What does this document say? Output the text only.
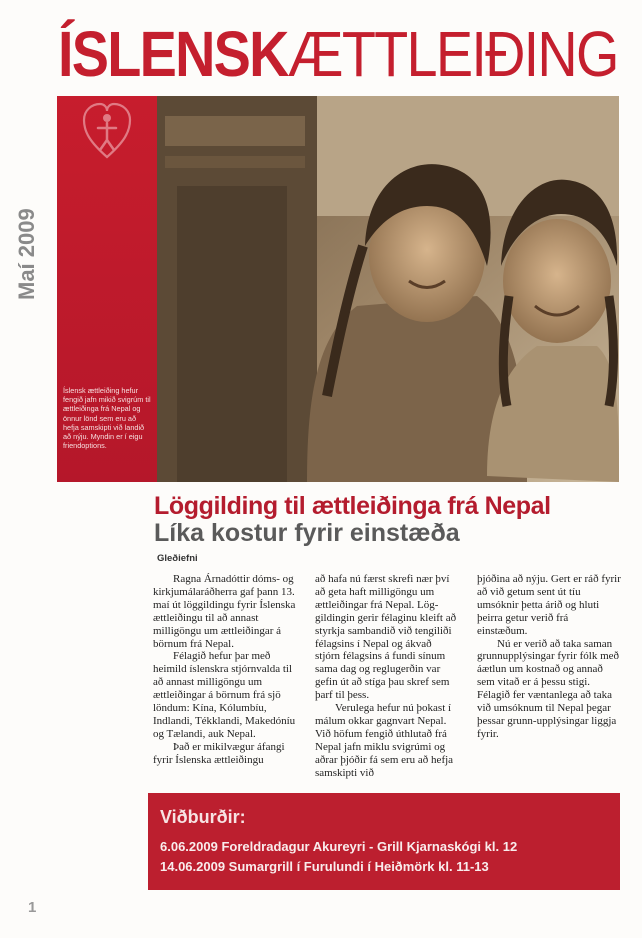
ÍSLENSKÆTTLEIÐING
Maí 2009
Íslensk ættleiðing hefur fengið jafn mikið svigrúm til ættleiðinga frá Nepal og önnur lönd sem eru að hefja samskipti við landið að nýju. Myndin er í eigu friendoptions.
Löggilding til ættleiðinga frá Nepal
Líka kostur fyrir einstæða
Gleðiefni

Ragna Árnadóttir dóms- og kirkjumálaráðherra gaf þann 13. maí út löggildingu fyrir Íslenska ættleiðingu til að annast milligöngu um ættleiðingar á börnum frá Nepal.

Félagið hefur þar með heimild íslenskra stjórnvalda til að annast milligöngu um ættleiðingar á börnum frá sjö löndum: Kína, Kólumbíu, Indlandi, Tékklandi, Makedóníu og Tælandi, auk Nepal.

Það er mikilvægur áfangi fyrir Íslenska ættleiðingu

að hafa nú færst skrefi nær því að geta haft milligöngu um ættleiðingar frá Nepal. Lög-gildingin gerir félaginu kleift að styrkja sambandið við tengiliði félagsins í Nepal og ákvað stjórn félagsins á fundi sínum sama dag og reglugerðin var gefin út að stíga þau skref sem þarf til þess.

Verulega hefur nú þokast í málum okkar gagnvart Nepal. Við höfum fengið úthlutað frá Nepal jafn miklu svigrúmi og aðrar þjóðir fá sem eru að hefja samskipti við

þjóðina að nýju. Gert er ráð fyrir að við getum sent út tíu umsóknir þetta árið og hluti þeirra getur verið frá einstæðum.

Nú er verið að taka saman grunnupplýsingar fyrir fólk með áætlun um kostnað og annað sem vitað er á þessu stigi. Félagið fer væntanlega að taka við umsóknum til Nepal þegar þessar grunn-upplýsingar liggja fyrir.

Viðburðir:
6.06.2009 Foreldradagur Akureyri - Grill Kjarnaskógi kl. 12
14.06.2009 Sumargrill í Furulundi í Heiðmörk kl. 11-13
1
